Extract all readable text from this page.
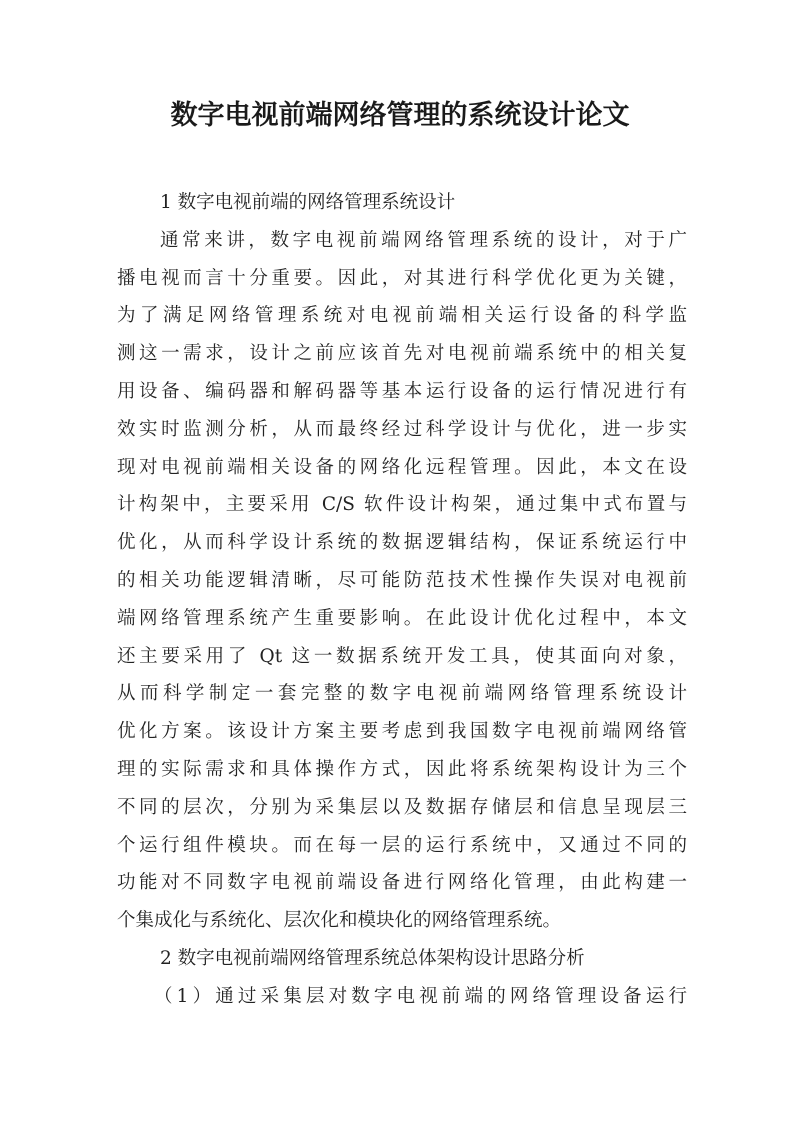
数字电视前端网络管理的系统设计论文
1 数字电视前端的网络管理系统设计
通常来讲，数字电视前端网络管理系统的设计，对于广
播电视而言十分重要。因此，对其进行科学优化更为关键，
为了满足网络管理系统对电视前端相关运行设备的科学监
测这一需求，设计之前应该首先对电视前端系统中的相关复
用设备、编码器和解码器等基本运行设备的运行情况进行有
效实时监测分析，从而最终经过科学设计与优化，进一步实
现对电视前端相关设备的网络化远程管理。因此，本文在设
计构架中，主要采用 C/S 软件设计构架，通过集中式布置与
优化，从而科学设计系统的数据逻辑结构，保证系统运行中
的相关功能逻辑清晰，尽可能防范技术性操作失误对电视前
端网络管理系统产生重要影响。在此设计优化过程中，本文
还主要采用了 Qt 这一数据系统开发工具，使其面向对象，
从而科学制定一套完整的数字电视前端网络管理系统设计
优化方案。该设计方案主要考虑到我国数字电视前端网络管
理的实际需求和具体操作方式，因此将系统架构设计为三个
不同的层次，分别为采集层以及数据存储层和信息呈现层三
个运行组件模块。而在每一层的运行系统中，又通过不同的
功能对不同数字电视前端设备进行网络化管理，由此构建一
个集成化与系统化、层次化和模块化的网络管理系统。
2 数字电视前端网络管理系统总体架构设计思路分析
（1）通过采集层对数字电视前端的网络管理设备运行
